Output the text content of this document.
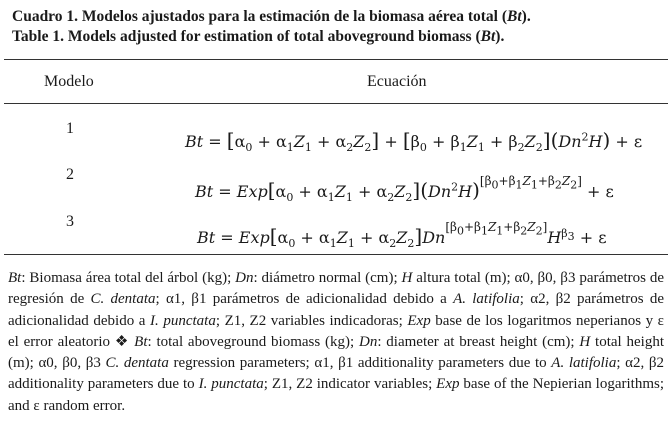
Cuadro 1. Modelos ajustados para la estimación de la biomasa aérea total (Bt).
Table 1. Models adjusted for estimation of total aboveground biomass (Bt).
Modelo	Ecuación
1
2
3
$Bt = [\alpha_0 + \alpha_1Z_1 + \alpha_2Z_2] + [\beta_0 + \beta_1Z_1 + \beta_2Z_2](Dn^2H) + \varepsilon$
$Bt = Exp[\alpha_0 + \alpha_1Z_1 + \alpha_2Z_2](Dn^2H)[\beta 0+\beta 1Z1+\beta 2Z2] + \varepsilon$
$Bt = Exp[\alpha_0 + \alpha_1Z_1 + \alpha_2Z_2]Dn[\beta 0+\beta 1Z1+\beta 2Z2]H^{\beta_3} + \varepsilon$
Bt: Biomasa área total del árbol (kg); Dn: diámetro normal (cm); H altura total (m); α0, β0, β3 parámetros de regresión de C. dentata; α1, β1 parámetros de adicionalidad debido a A. latifolia; α2, β2 parámetros de adicionalidad debido a I. punctata; Z1, Z2 variables indicadoras; Exp base de los logaritmos neperianos y ε el error aleatorio ❖ Bt: total aboveground biomass (kg); Dn: diameter at breast height (cm); H total height (m); α0, β0, β3 C. dentata regression parameters; α1, β1 additionality parameters due to A. latifolia; α2, β2 additionality parameters due to I. punctata; Z1, Z2 indicator variables; Exp base of the Nepierian logarithms; and ε random error.
